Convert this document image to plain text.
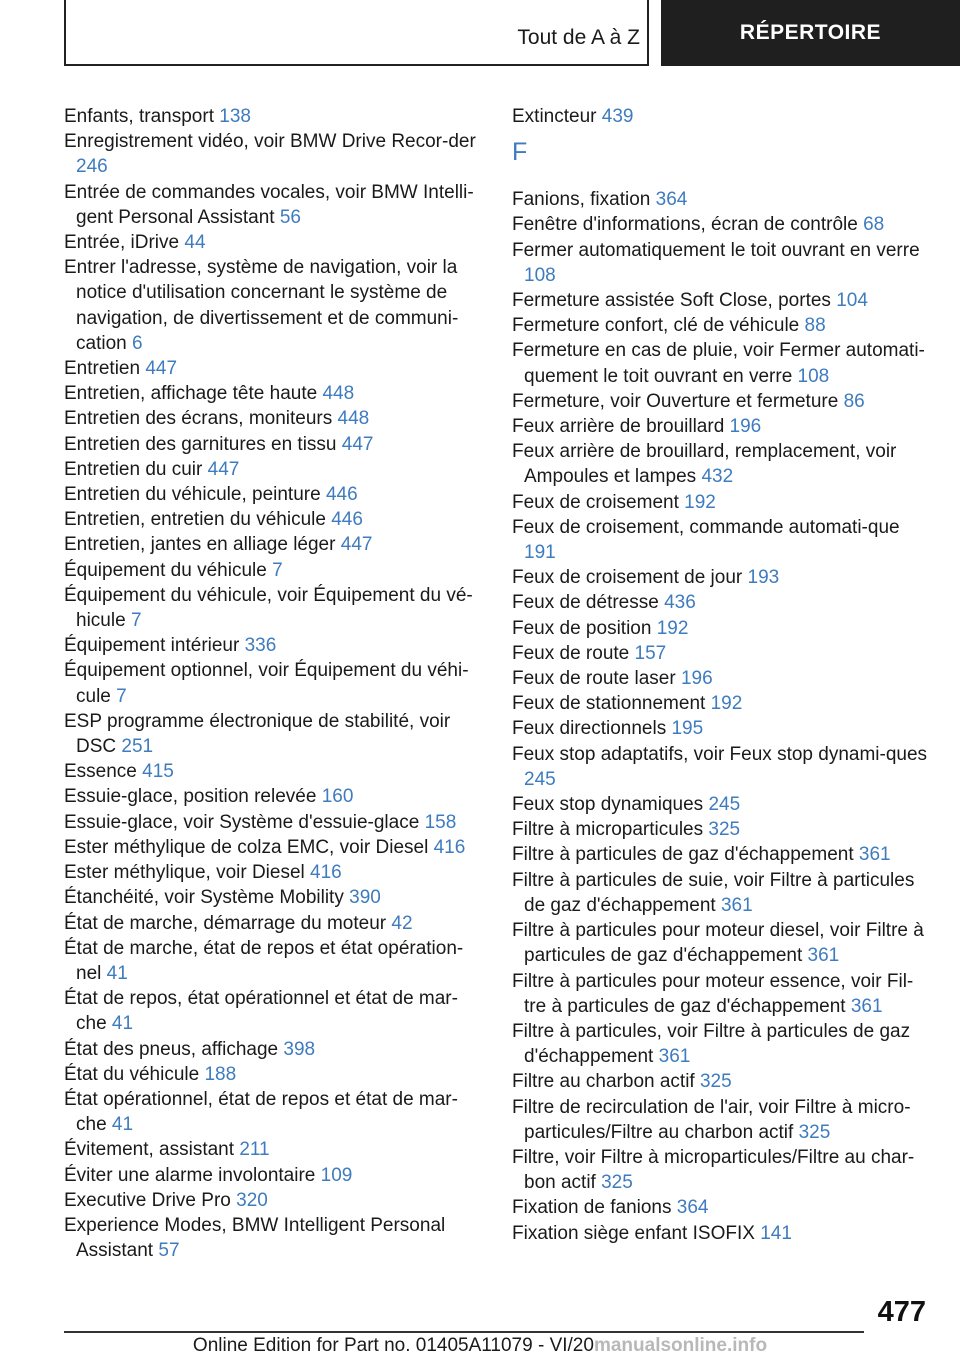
Tout de A à Z	RÉPERTOIRE
Enfants, transport 138
Enregistrement vidéo, voir BMW Drive Recor-der 246
Entrée de commandes vocales, voir BMW Intelli-gent Personal Assistant 56
Entrée, iDrive 44
Entrer l'adresse, système de navigation, voir la notice d'utilisation concernant le système de navigation, de divertissement et de communi-cation 6
Entretien 447
Entretien, affichage tête haute 448
Entretien des écrans, moniteurs 448
Entretien des garnitures en tissu 447
Entretien du cuir 447
Entretien du véhicule, peinture 446
Entretien, entretien du véhicule 446
Entretien, jantes en alliage léger 447
Équipement du véhicule 7
Équipement du véhicule, voir Équipement du vé-hicule 7
Équipement intérieur 336
Équipement optionnel, voir Équipement du véhi-cule 7
ESP programme électronique de stabilité, voir DSC 251
Essence 415
Essuie-glace, position relevée 160
Essuie-glace, voir Système d'essuie-glace 158
Ester méthylique de colza EMC, voir Diesel 416
Ester méthylique, voir Diesel 416
Étanchéité, voir Système Mobility 390
État de marche, démarrage du moteur 42
État de marche, état de repos et état opération-nel 41
État de repos, état opérationnel et état de mar-che 41
État des pneus, affichage 398
État du véhicule 188
État opérationnel, état de repos et état de mar-che 41
Évitement, assistant 211
Éviter une alarme involontaire 109
Executive Drive Pro 320
Experience Modes, BMW Intelligent Personal Assistant 57
Extincteur 439
F
Fanions, fixation 364
Fenêtre d'informations, écran de contrôle 68
Fermer automatiquement le toit ouvrant en verre 108
Fermeture assistée Soft Close, portes 104
Fermeture confort, clé de véhicule 88
Fermeture en cas de pluie, voir Fermer automati-quement le toit ouvrant en verre 108
Fermeture, voir Ouverture et fermeture 86
Feux arrière de brouillard 196
Feux arrière de brouillard, remplacement, voir Ampoules et lampes 432
Feux de croisement 192
Feux de croisement, commande automati-que 191
Feux de croisement de jour 193
Feux de détresse 436
Feux de position 192
Feux de route 157
Feux de route laser 196
Feux de stationnement 192
Feux directionnels 195
Feux stop adaptatifs, voir Feux stop dynami-ques 245
Feux stop dynamiques 245
Filtre à microparticules 325
Filtre à particules de gaz d'échappement 361
Filtre à particules de suie, voir Filtre à particules de gaz d'échappement 361
Filtre à particules pour moteur diesel, voir Filtre à particules de gaz d'échappement 361
Filtre à particules pour moteur essence, voir Fil-tre à particules de gaz d'échappement 361
Filtre à particules, voir Filtre à particules de gaz d'échappement 361
Filtre au charbon actif 325
Filtre de recirculation de l'air, voir Filtre à micro-particules/Filtre au charbon actif 325
Filtre, voir Filtre à microparticules/Filtre au char-bon actif 325
Fixation de fanions 364
Fixation siège enfant ISOFIX 141
477
Online Edition for Part no. 01405A11079 - VI/20manualsonline.info
